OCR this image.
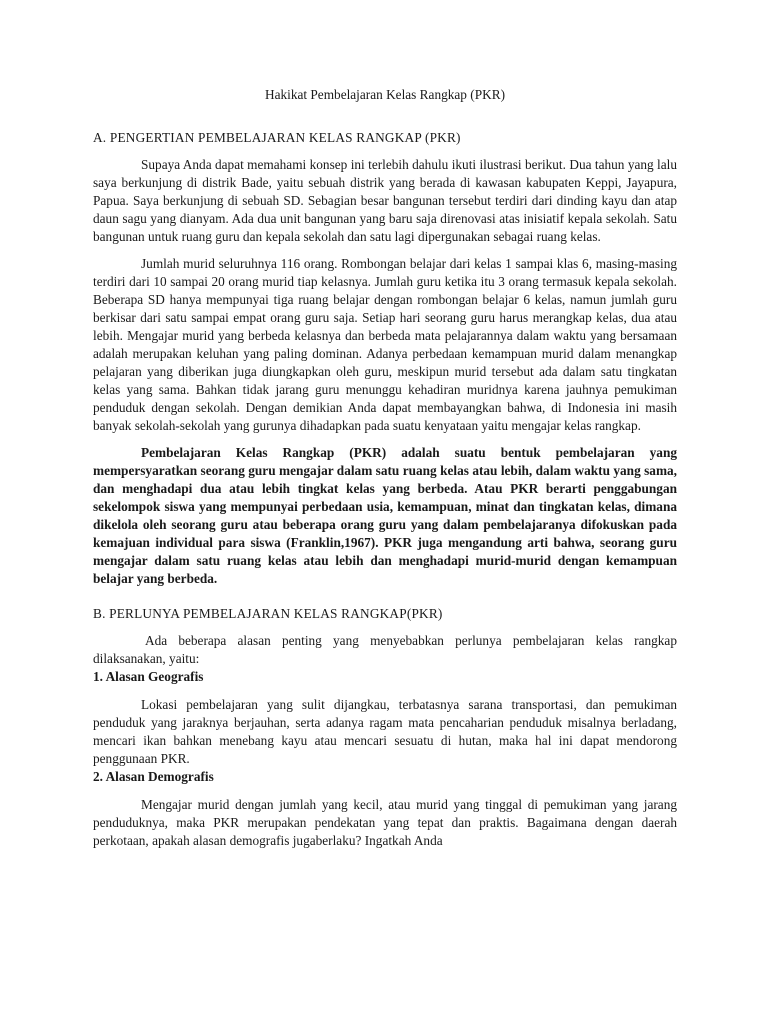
Hakikat Pembelajaran Kelas Rangkap (PKR)
A. PENGERTIAN PEMBELAJARAN KELAS RANGKAP (PKR)

Supaya Anda dapat memahami konsep ini terlebih dahulu ikuti ilustrasi berikut. Dua tahun yang lalu saya berkunjung di distrik Bade, yaitu sebuah distrik yang berada di kawasan kabupaten Keppi, Jayapura, Papua. Saya berkunjung di sebuah SD. Sebagian besar bangunan tersebut terdiri dari dinding kayu dan atap daun sagu yang dianyam. Ada dua unit bangunan yang baru saja direnovasi atas inisiatif kepala sekolah. Satu bangunan untuk ruang guru dan kepala sekolah dan satu lagi dipergunakan sebagai ruang kelas.

Jumlah murid seluruhnya 116 orang. Rombongan belajar dari kelas 1 sampai klas 6, masing-masing terdiri dari 10 sampai 20 orang murid tiap kelasnya. Jumlah guru ketika itu 3 orang termasuk kepala sekolah. Beberapa SD hanya mempunyai tiga ruang belajar dengan rombongan belajar 6 kelas, namun jumlah guru berkisar dari satu sampai empat orang guru saja. Setiap hari seorang guru harus merangkap kelas, dua atau lebih. Mengajar murid yang berbeda kelasnya dan berbeda mata pelajarannya dalam waktu yang bersamaan adalah merupakan keluhan yang paling dominan. Adanya perbedaan kemampuan murid dalam menangkap pelajaran yang diberikan juga diungkapkan oleh guru, meskipun murid tersebut ada dalam satu tingkatan kelas yang sama. Bahkan tidak jarang guru menunggu kehadiran muridnya karena jauhnya pemukiman penduduk dengan sekolah. Dengan demikian Anda dapat membayangkan bahwa, di Indonesia ini masih banyak sekolah-sekolah yang gurunya dihadapkan pada suatu kenyataan yaitu mengajar kelas rangkap.

Pembelajaran Kelas Rangkap (PKR) adalah suatu bentuk pembelajaran yang mempersyaratkan seorang guru mengajar dalam satu ruang kelas atau lebih, dalam waktu yang sama, dan menghadapi dua atau lebih tingkat kelas yang berbeda. Atau PKR berarti penggabungan sekelompok siswa yang mempunyai perbedaan usia, kemampuan, minat dan tingkatan kelas, dimana dikelola oleh seorang guru atau beberapa orang guru yang dalam pembelajaranya difokuskan pada kemajuan individual para siswa (Franklin,1967). PKR juga mengandung arti bahwa, seorang guru mengajar dalam satu ruang kelas atau lebih dan menghadapi murid-murid dengan kemampuan belajar yang berbeda.

B. PERLUNYA PEMBELAJARAN KELAS RANGKAP(PKR)

Ada beberapa alasan penting yang menyebabkan perlunya pembelajaran kelas rangkap dilaksanakan, yaitu:

1. Alasan Geografis

Lokasi pembelajaran yang sulit dijangkau, terbatasnya sarana transportasi, dan pemukiman penduduk yang jaraknya berjauhan, serta adanya ragam mata pencaharian penduduk misalnya berladang, mencari ikan bahkan menebang kayu atau mencari sesuatu di hutan, maka hal ini dapat mendorong penggunaan PKR.

2. Alasan Demografis

Mengajar murid dengan jumlah yang kecil, atau murid yang tinggal di pemukiman yang jarang penduduknya, maka PKR merupakan pendekatan yang tepat dan praktis. Bagaimana dengan daerah perkotaan, apakah alasan demografis jugaberlaku? Ingatkah Anda
